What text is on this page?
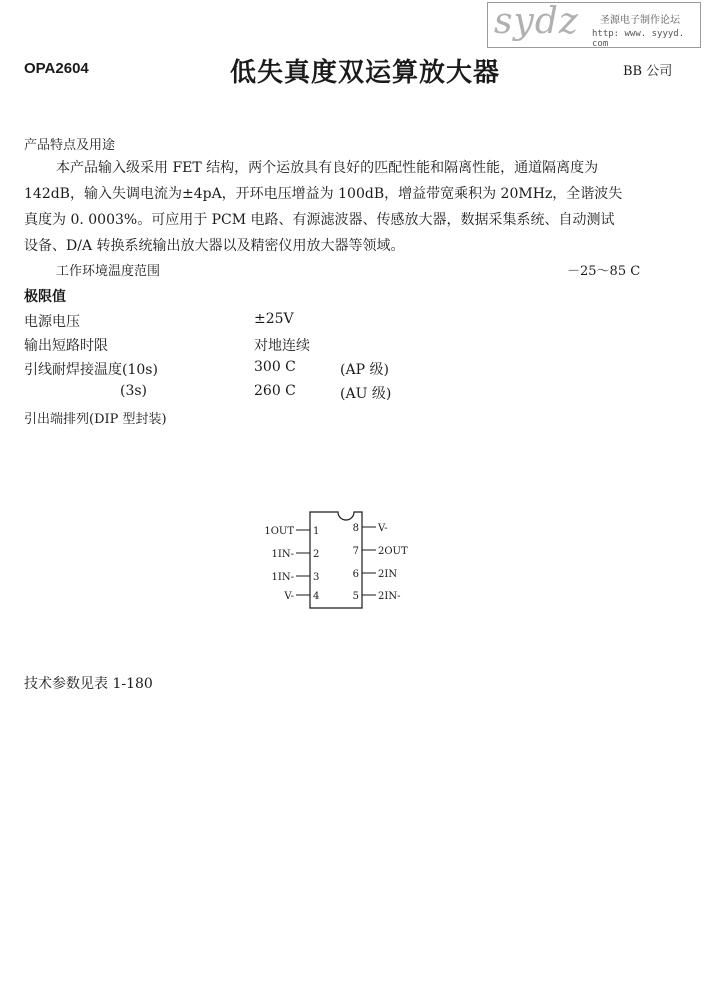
sydz 圣源电子制作论坛
http: www. syyyd. com
OPA2604	低失真度双运算放大器	BB 公司
产品特点及用途
本产品输入级采用 FET 结构，两个运放具有良好的匹配性能和隔离性能，通道隔离度为
142dB，输入失调电流为±4pA，开环电压增益为 100dB，增益带宽乘积为 20MHz，全谐波失
真度为 0. 0003%。可应用于 PCM 电路、有源滤波器、传感放大器，数据采集系统、自动测试
设备、D/A 转换系统输出放大器以及精密仪用放大器等领域。
工作环境温度范围	－25～85 C
极限值
电源电压	±25V
输出短路时限	对地连续
引线耐焊接温度(10s)	300 C	(AP 级)
(3s)	260 C	(AU 级)
引出端排列(DIP 型封装)
1OUT
1IN-
1IN-
V-
1
2
3
4
8
7
6
5
V-
2OUT
2IN
2IN-
技术参数见表 1-180
